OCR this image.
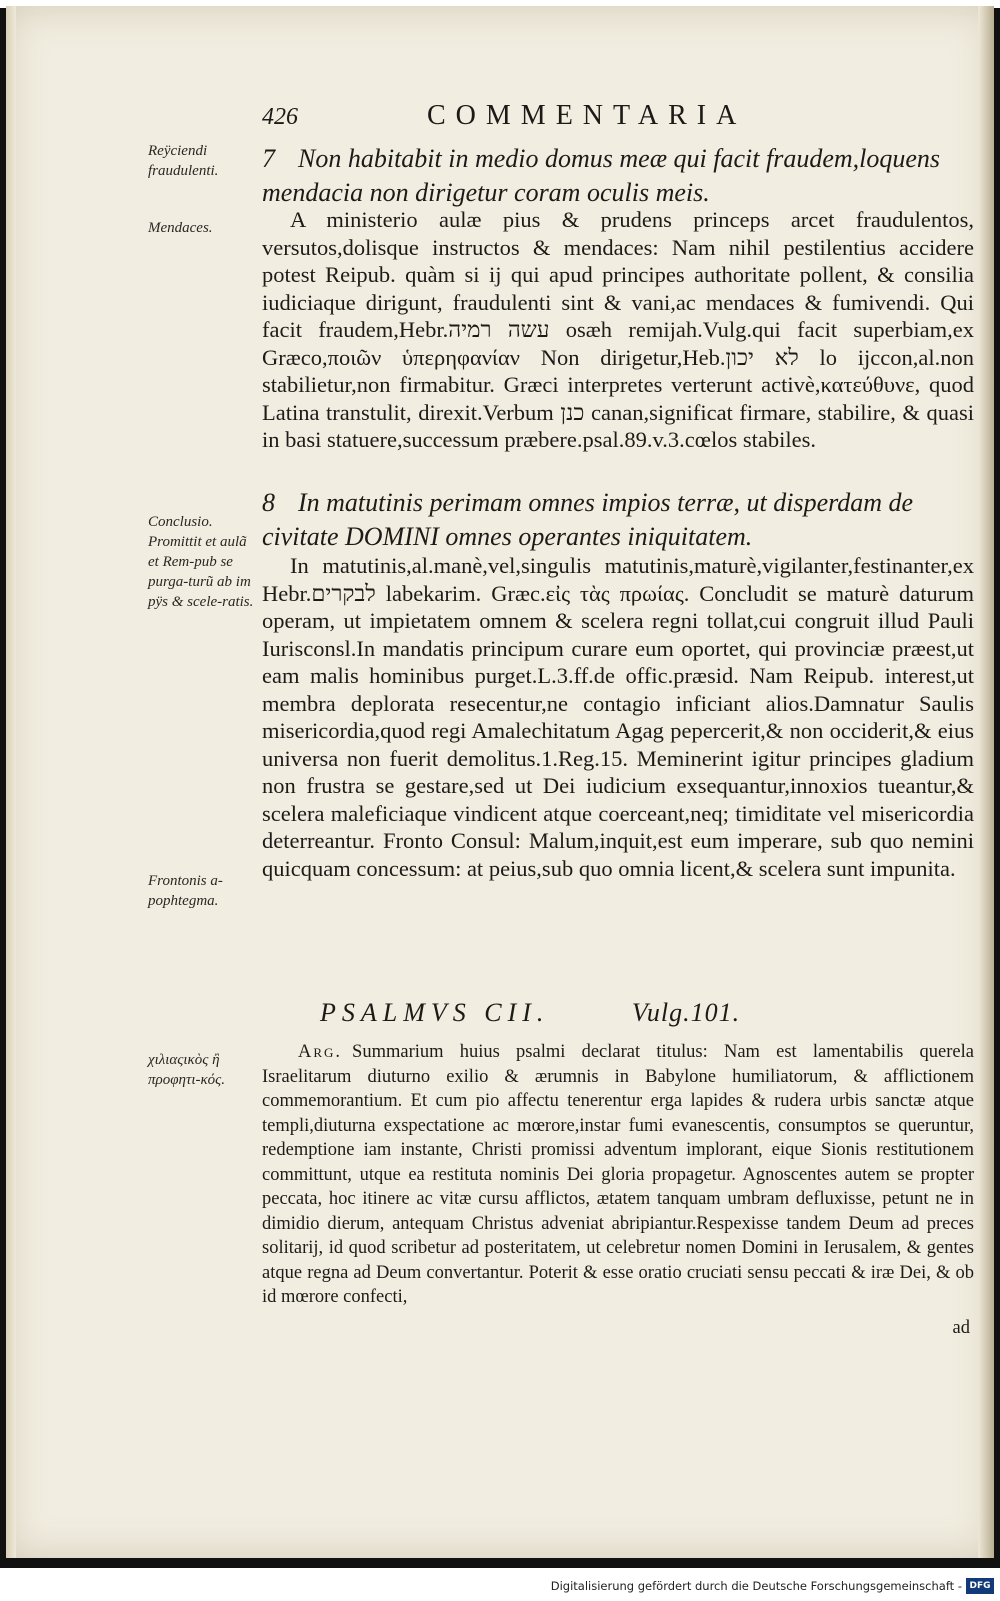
426	COMMENTARIA
Reÿciendi fraudulenti.
Mendaces.
Conclusio. Promittit et aulã et Rem-pub se purga-turũ ab im pÿs & scele-ratis.
Frontonis a-pophtegma.
χιλιαςικὸς ἢ προφητι-κός.
7 Non habitabit in medio domus meæ qui facit fraudem,loquens mendacia non dirigetur coram oculis meis.
A ministerio aulæ pius & prudens princeps arcet fraudulentos, versutos,dolisque instructos & mendaces: Nam nihil pestilentius accidere potest Reipub. quàm si ij qui apud principes authoritate pollent, & consilia iudiciaque dirigunt, fraudulenti sint & vani,ac mendaces & fumivendi. Qui facit fraudem,Hebr.עשה רמיה osæh remijah.Vulg.qui facit superbiam,ex Græco,ποιῶν ὑπερηφανίαν Non dirigetur,Heb.לא יכון lo ijccon,al.non stabilietur,non firmabitur. Græci interpretes verterunt activè,κατεύθυνε, quod Latina transtulit, direxit.Verbum כנן canan,significat firmare, stabilire, & quasi in basi statuere,successum præbere.psal.89.v.3.cœlos stabiles.
8 In matutinis perimam omnes impios terræ, ut disperdam de civitate DOMINI omnes operantes iniquitatem.
In matutinis,al.manè,vel,singulis matutinis,maturè,vigilanter,festinanter,ex Hebr.לבקרים labekarim. Græc.εἰς τὰς πρωίας. Concludit se maturè daturum operam, ut impietatem omnem & scelera regni tollat,cui congruit illud Pauli Iurisconsl.In mandatis principum curare eum oportet, qui provinciæ præest,ut eam malis hominibus purget.L.3.ff.de offic.præsid. Nam Reipub. interest,ut membra deplorata resecentur,ne contagio inficiant alios.Damnatur Saulis misericordia,quod regi Amalechitatum Agag pepercerit,& non occiderit,& eius universa non fuerit demolitus.1.Reg.15. Meminerint igitur principes gladium non frustra se gestare,sed ut Dei iudicium exsequantur,innoxios tueantur,& scelera maleficiaque vindicent atque coerceant,neq; timiditate vel misericordia deterreantur. Fronto Consul: Malum,inquit,est eum imperare, sub quo nemini quicquam concessum: at peius,sub quo omnia licent,& scelera sunt impunita.
PSALMVS CII.	Vulg.101.
Arg. Summarium huius psalmi declarat titulus: Nam est lamentabilis querela Israelitarum diuturno exilio & ærumnis in Babylone humiliatorum, & afflictionem commemorantium. Et cum pio affectu tenerentur erga lapides & rudera urbis sanctæ atque templi,diuturna exspectatione ac mœrore,instar fumi evanescentis, consumptos se queruntur, redemptione iam instante, Christi promissi adventum implorant, eique Sionis restitutionem committunt, utque ea restituta nominis Dei gloria propagetur. Agnoscentes autem se propter peccata, hoc itinere ac vitæ cursu afflictos, ætatem tanquam umbram defluxisse, petunt ne in dimidio dierum, antequam Christus adveniat abripiantur.Respexisse tandem Deum ad preces solitarij, id quod scribetur ad posteritatem, ut celebretur nomen Domini in Ierusalem, & gentes atque regna ad Deum convertantur. Poterit & esse oratio cruciati sensu peccati & iræ Dei, & ob id mœrore confecti,
ad
Digitalisierung gefördert durch die Deutsche Forschungsgemeinschaft - DFG
